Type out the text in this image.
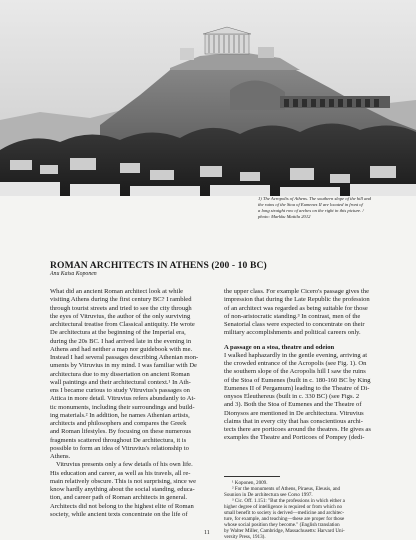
1) The Acropolis of Athens. The southern slope of the hill and
the ruins of the Stoa of Eumenes II are located in front of
a long straight row of arches on the right in this picture. /
photo: Markku Mattila 2012
ROMAN ARCHITECTS IN ATHENS (200 - 10 BC)

Anu Kaisa Koponen

What did an ancient Roman architect look at while

visiting Athens during the first century BC? I rambled

through tourist streets and tried to see the city through

the eyes of Vitruvius, the author of the only surviving

architectural treatise from Classical antiquity. He wrote

De architectura at the beginning of the Imperial era,

during the 20s BC. I had arrived late in the evening in

Athens and had neither a map nor guidebook with me.

Instead I had several passages describing Athenian mon-

uments by Vitruvius in my mind. I was familiar with De

architectura due to my dissertation on ancient Roman

wall paintings and their architectural context.¹ In Ath-

ens I became curious to study Vitruvius's passages on

Attica in more detail. Vitruvius refers abundantly to At-

tic monuments, including their surroundings and build-

ing materials.² In addition, he names Athenian artists,

architects and philosophers and compares the Greek

and Roman lifestyles. By focusing on these numerous

fragments scattered throughout De architectura, it is

possible to form an idea of Vitruvius's relationship to

Athens.

Vitruvius presents only a few details of his own life.

His education and career, as well as his travels, all re-

main relatively obscure. This is not surprising, since we

know hardly anything about the social standing, educa-

tion, and career path of Roman architects in general.

Architects did not belong to the highest elite of Roman

society, while ancient texts concentrate on the life of

the upper class. For example Cicero's passage gives the

impression that during the Late Republic the profession

of an architect was regarded as being suitable for those

of non-aristocratic standing.³ In contrast, men of the

Senatorial class were expected to concentrate on their

military accomplishments and political careers only.

A passage on a stoa, theatre and odeion

I walked haphazardly in the gentle evening, arriving at

the crowded entrance of the Acropolis (see Fig. 1). On

the southern slope of the Acropolis hill I saw the ruins

of the Stoa of Eumenes (built in c. 180-160 BC by King

Eumenes II of Pergamum) leading to the Theatre of Di-

onysos Eleuthereus (built in c. 330 BC) (see Figs. 2

and 3). Both the Stoa of Eumenes and the Theatre of

Dionysos are mentioned in De architectura. Vitruvius

claims that in every city that has conscientious archi-

tects there are porticoes around the theatres. He gives as

examples the Theatre and Porticoes of Pompey (dedi-

¹ Koponen, 2009.

² For the monuments of Athens, Piraeus, Eleusis, and

Sounion in De architectura see Corso 1997.

³ Cic. Off. 1.151: "But the professions in which either a

higher degree of intelligence is required or from which no

small benefit to society is derived—medicine and architec-

ture, for example, and teaching—these are proper for those

whose social position they become." (English translation

by Walter Miller, Cambridge, Massachusetts: Harvard Uni-

versity Press, 1913).

11
